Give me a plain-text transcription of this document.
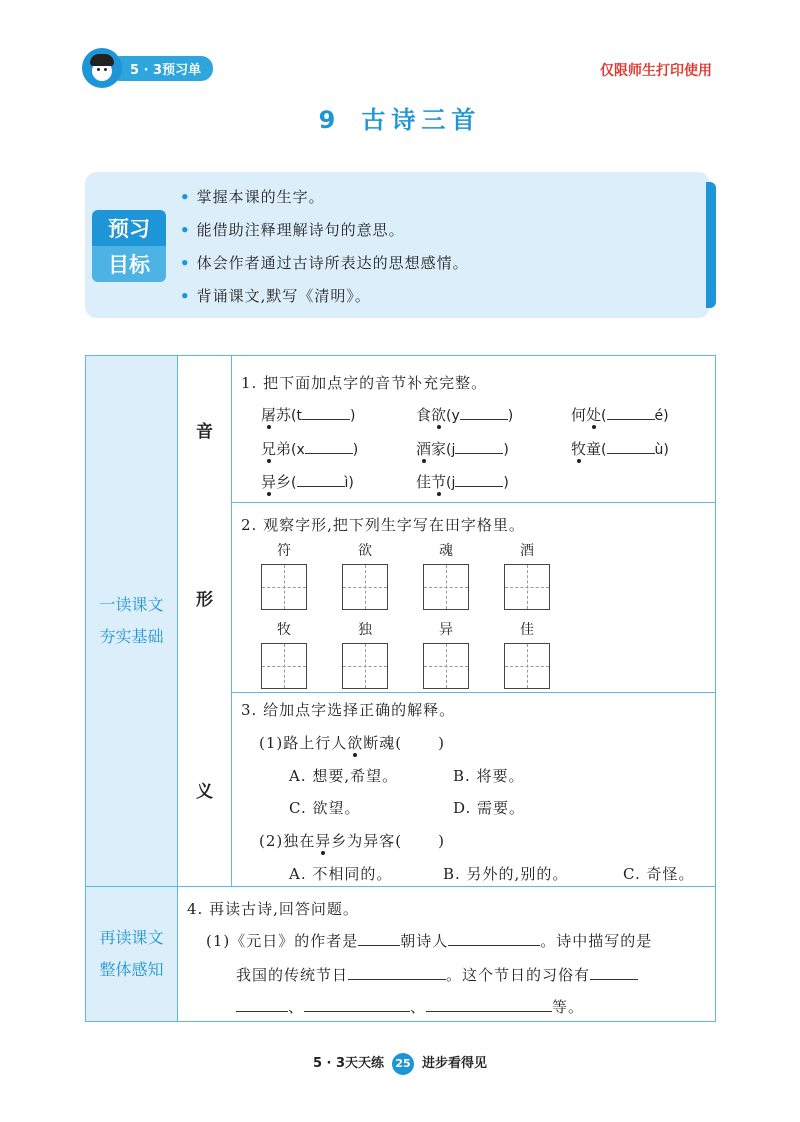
5 · 3预习单	仅限师生打印使用
9 古诗三首
预习
目标
• 掌握本课的生字。
• 能借助注释理解诗句的意思。
• 体会作者通过古诗所表达的思想感情。
• 背诵课文,默写《清明》。
一读课文
夯实基础
再读课文
整体感知
音
形
义
1. 把下面加点字的音节补充完整。
屠苏(t	)	食欲(y	)	何处(	é)
兄弟(x	)	酒家(j	)	牧童(	ù)
异乡(	ì)	佳节(j	)
2. 观察字形,把下列生字写在田字格里。
符	欲	魂	酒
牧	独	异	佳
3. 给加点字选择正确的解释。
(1)路上行人欲断魂( )
A. 想要,希望。	B. 将要。
C. 欲望。	D. 需要。
(2)独在异乡为异客( )
A. 不相同的。	B. 另外的,别的。	C. 奇怪。
4. 再读古诗,回答问题。
(1)《元日》的作者是	朝诗人	。诗中描写的是
我国的传统节日	。这个节日的习俗有
、	、	等。
5 · 3天天练 25 进步看得见
